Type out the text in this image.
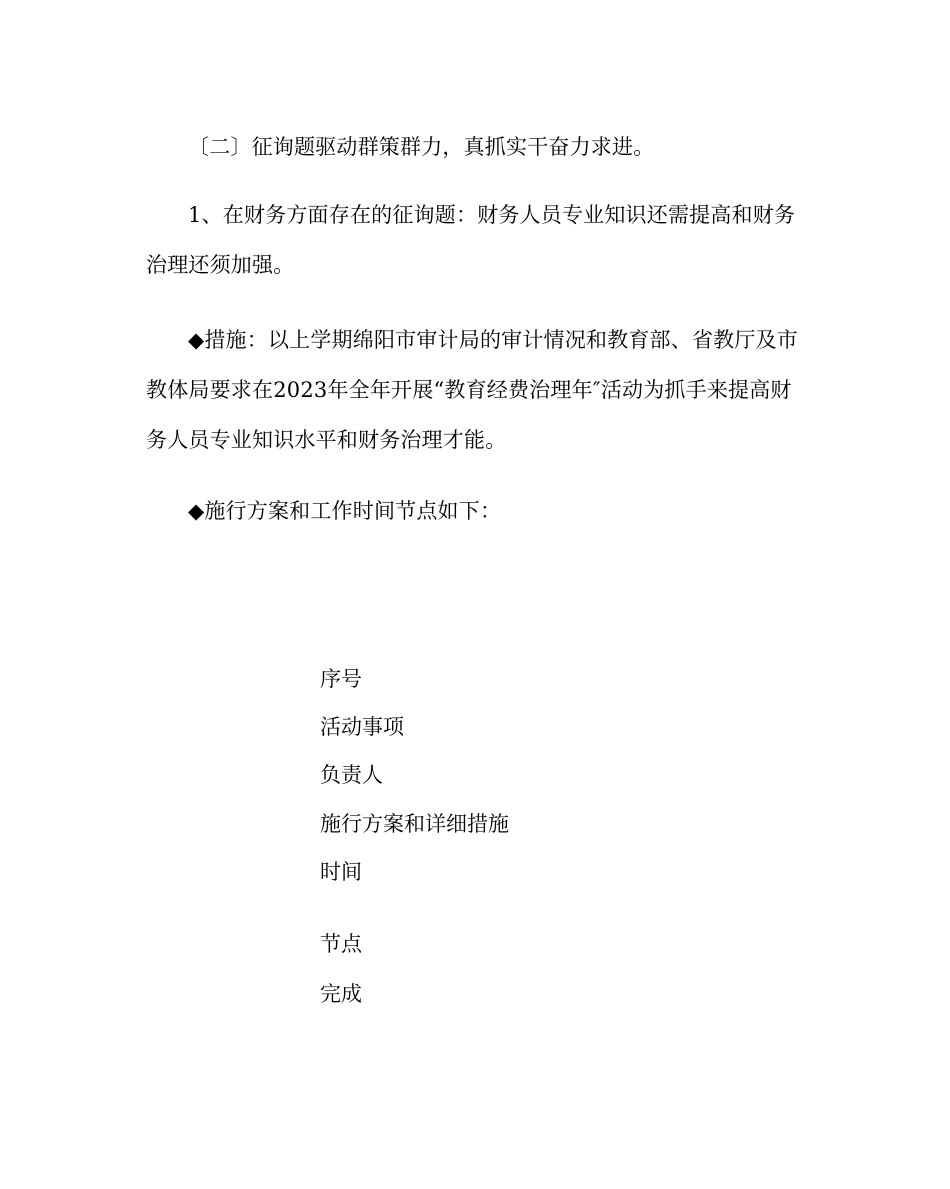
〔二〕征询题驱动群策群力，真抓实干奋力求进。

1、在财务方面存在的征询题：财务人员专业知识还需提高和财务治理还须加强。

◆措施：以上学期绵阳市审计局的审计情况和教育部、省教厅及市教体局要求在2023年全年开展“教育经费治理年″活动为抓手来提高财务人员专业知识水平和财务治理才能。

◆施行方案和工作时间节点如下：

序号
活动事项
负责人
施行方案和详细措施
时间
节点
完成
